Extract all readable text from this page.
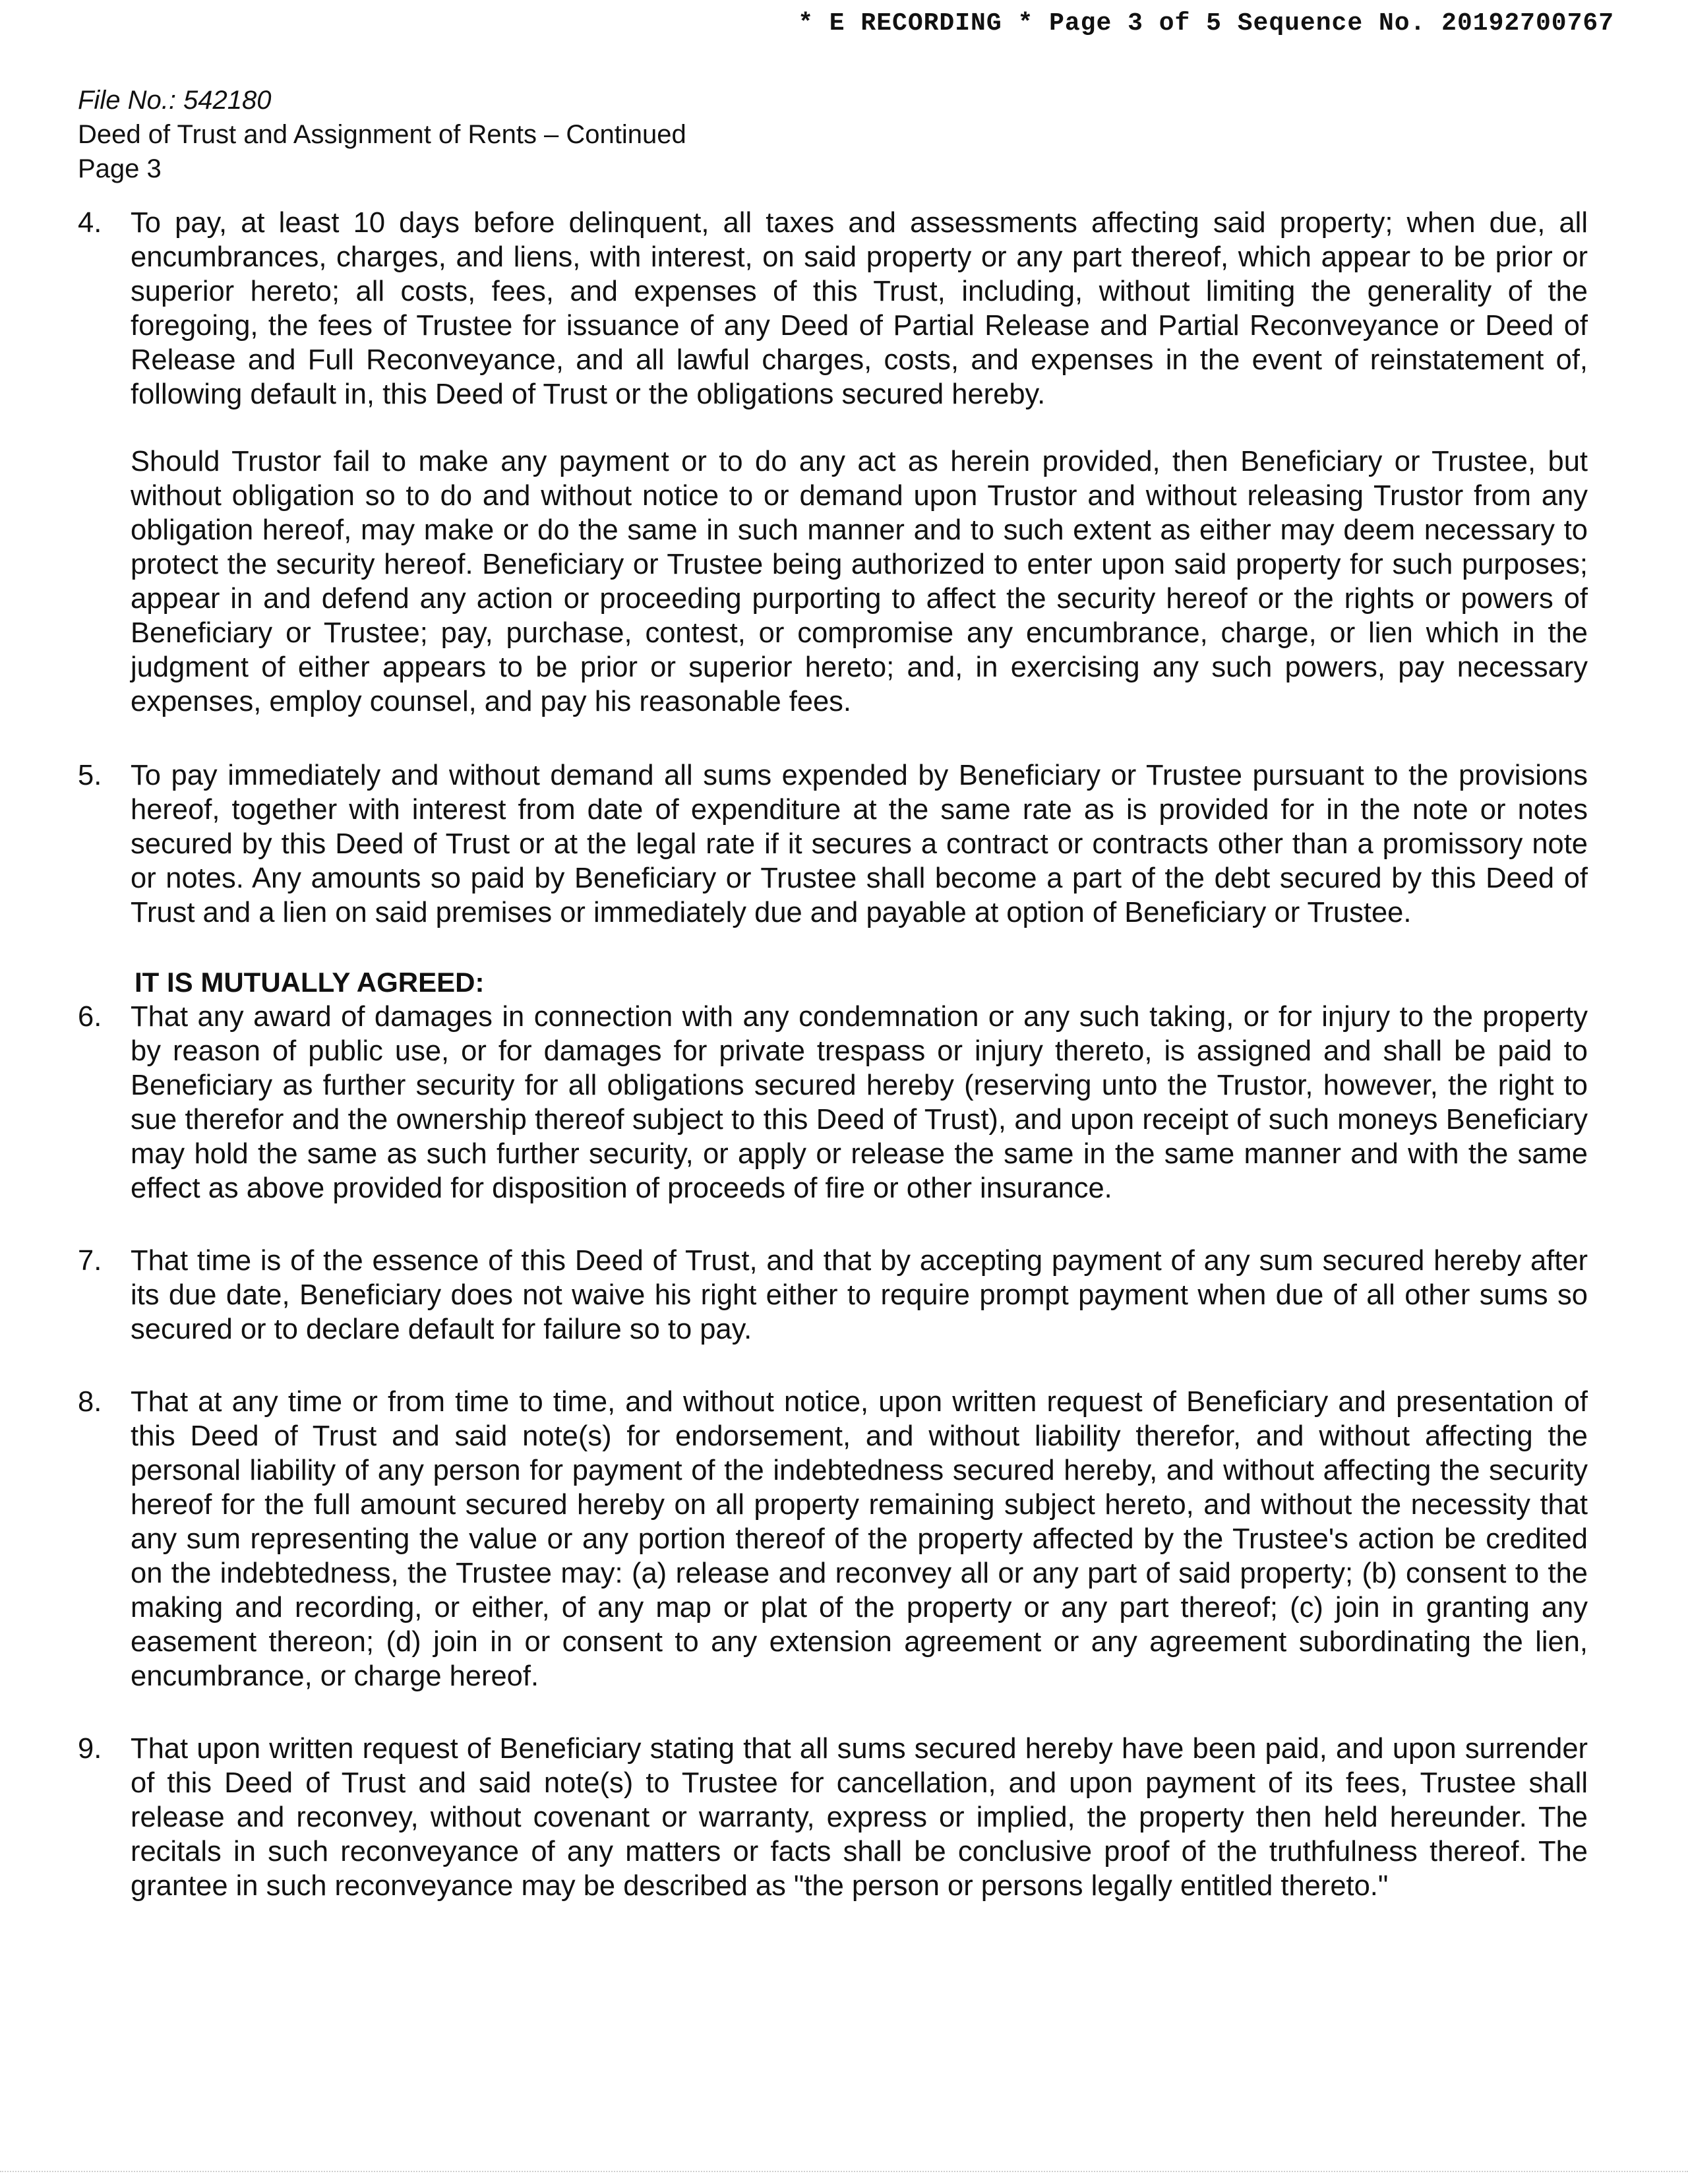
* E RECORDING * Page 3 of 5 Sequence No. 20192700767
File No.: 542180
Deed of Trust and Assignment of Rents – Continued
Page 3
4. To pay, at least 10 days before delinquent, all taxes and assessments affecting said property; when due, all encumbrances, charges, and liens, with interest, on said property or any part thereof, which appear to be prior or superior hereto; all costs, fees, and expenses of this Trust, including, without limiting the generality of the foregoing, the fees of Trustee for issuance of any Deed of Partial Release and Partial Reconveyance or Deed of Release and Full Reconveyance, and all lawful charges, costs, and expenses in the event of reinstatement of, following default in, this Deed of Trust or the obligations secured hereby.
Should Trustor fail to make any payment or to do any act as herein provided, then Beneficiary or Trustee, but without obligation so to do and without notice to or demand upon Trustor and without releasing Trustor from any obligation hereof, may make or do the same in such manner and to such extent as either may deem necessary to protect the security hereof. Beneficiary or Trustee being authorized to enter upon said property for such purposes; appear in and defend any action or proceeding purporting to affect the security hereof or the rights or powers of Beneficiary or Trustee; pay, purchase, contest, or compromise any encumbrance, charge, or lien which in the judgment of either appears to be prior or superior hereto; and, in exercising any such powers, pay necessary expenses, employ counsel, and pay his reasonable fees.
5. To pay immediately and without demand all sums expended by Beneficiary or Trustee pursuant to the provisions hereof, together with interest from date of expenditure at the same rate as is provided for in the note or notes secured by this Deed of Trust or at the legal rate if it secures a contract or contracts other than a promissory note or notes. Any amounts so paid by Beneficiary or Trustee shall become a part of the debt secured by this Deed of Trust and a lien on said premises or immediately due and payable at option of Beneficiary or Trustee.
IT IS MUTUALLY AGREED:
6. That any award of damages in connection with any condemnation or any such taking, or for injury to the property by reason of public use, or for damages for private trespass or injury thereto, is assigned and shall be paid to Beneficiary as further security for all obligations secured hereby (reserving unto the Trustor, however, the right to sue therefor and the ownership thereof subject to this Deed of Trust), and upon receipt of such moneys Beneficiary may hold the same as such further security, or apply or release the same in the same manner and with the same effect as above provided for disposition of proceeds of fire or other insurance.
7. That time is of the essence of this Deed of Trust, and that by accepting payment of any sum secured hereby after its due date, Beneficiary does not waive his right either to require prompt payment when due of all other sums so secured or to declare default for failure so to pay.
8. That at any time or from time to time, and without notice, upon written request of Beneficiary and presentation of this Deed of Trust and said note(s) for endorsement, and without liability therefor, and without affecting the personal liability of any person for payment of the indebtedness secured hereby, and without affecting the security hereof for the full amount secured hereby on all property remaining subject hereto, and without the necessity that any sum representing the value or any portion thereof of the property affected by the Trustee's action be credited on the indebtedness, the Trustee may: (a) release and reconvey all or any part of said property; (b) consent to the making and recording, or either, of any map or plat of the property or any part thereof; (c) join in granting any easement thereon; (d) join in or consent to any extension agreement or any agreement subordinating the lien, encumbrance, or charge hereof.
9. That upon written request of Beneficiary stating that all sums secured hereby have been paid, and upon surrender of this Deed of Trust and said note(s) to Trustee for cancellation, and upon payment of its fees, Trustee shall release and reconvey, without covenant or warranty, express or implied, the property then held hereunder. The recitals in such reconveyance of any matters or facts shall be conclusive proof of the truthfulness thereof. The grantee in such reconveyance may be described as "the person or persons legally entitled thereto."
